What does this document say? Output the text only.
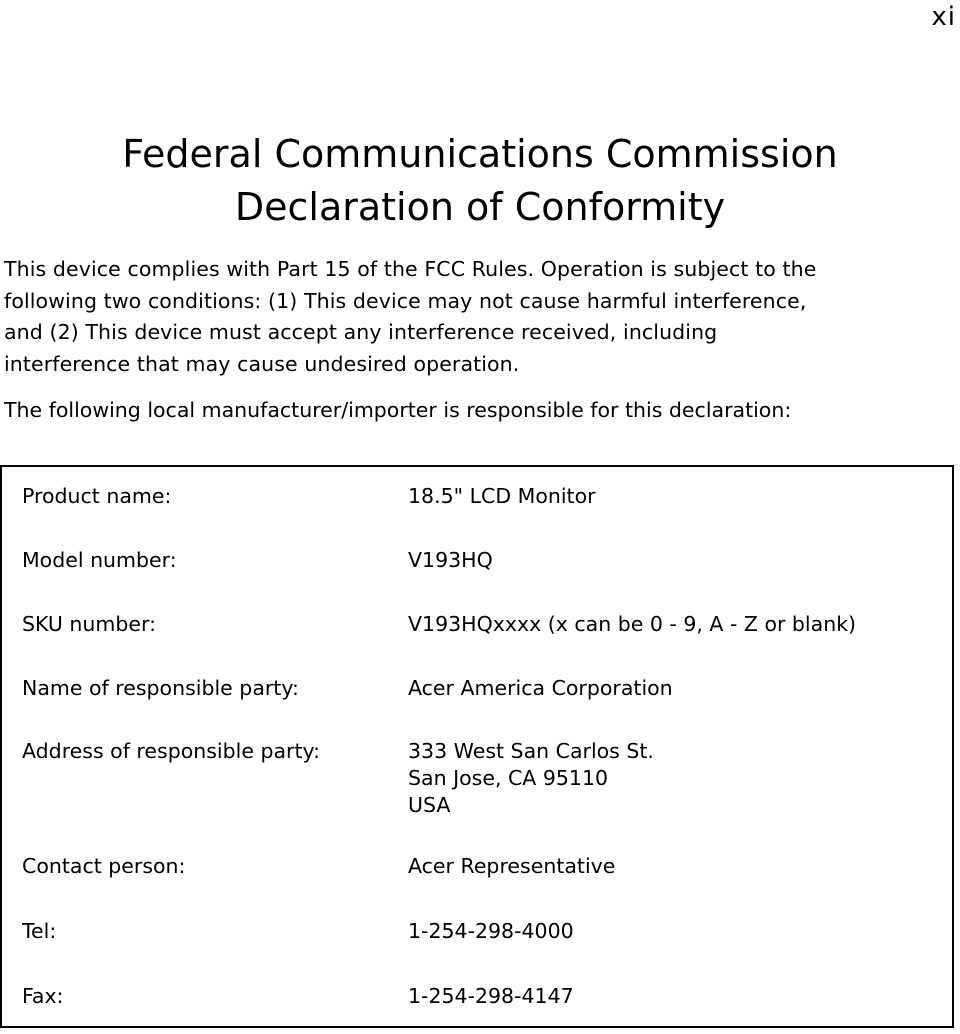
xi
Federal Communications Commission
Declaration of Conformity

This device complies with Part 15 of the FCC Rules. Operation is subject to the
following two conditions: (1) This device may not cause harmful interference,
and (2) This device must accept any interference received, including
interference that may cause undesired operation.

The following local manufacturer/importer is responsible for this declaration:

Product name:	18.5" LCD Monitor
Model number:	V193HQ
SKU number:	V193HQxxxx (x can be 0 - 9, A - Z or blank)
Name of responsible party:	Acer America Corporation
Address of responsible party:	333 West San Carlos St.
San Jose, CA 95110
USA
Contact person:	Acer Representative
Tel:	1-254-298-4000
Fax:	1-254-298-4147
